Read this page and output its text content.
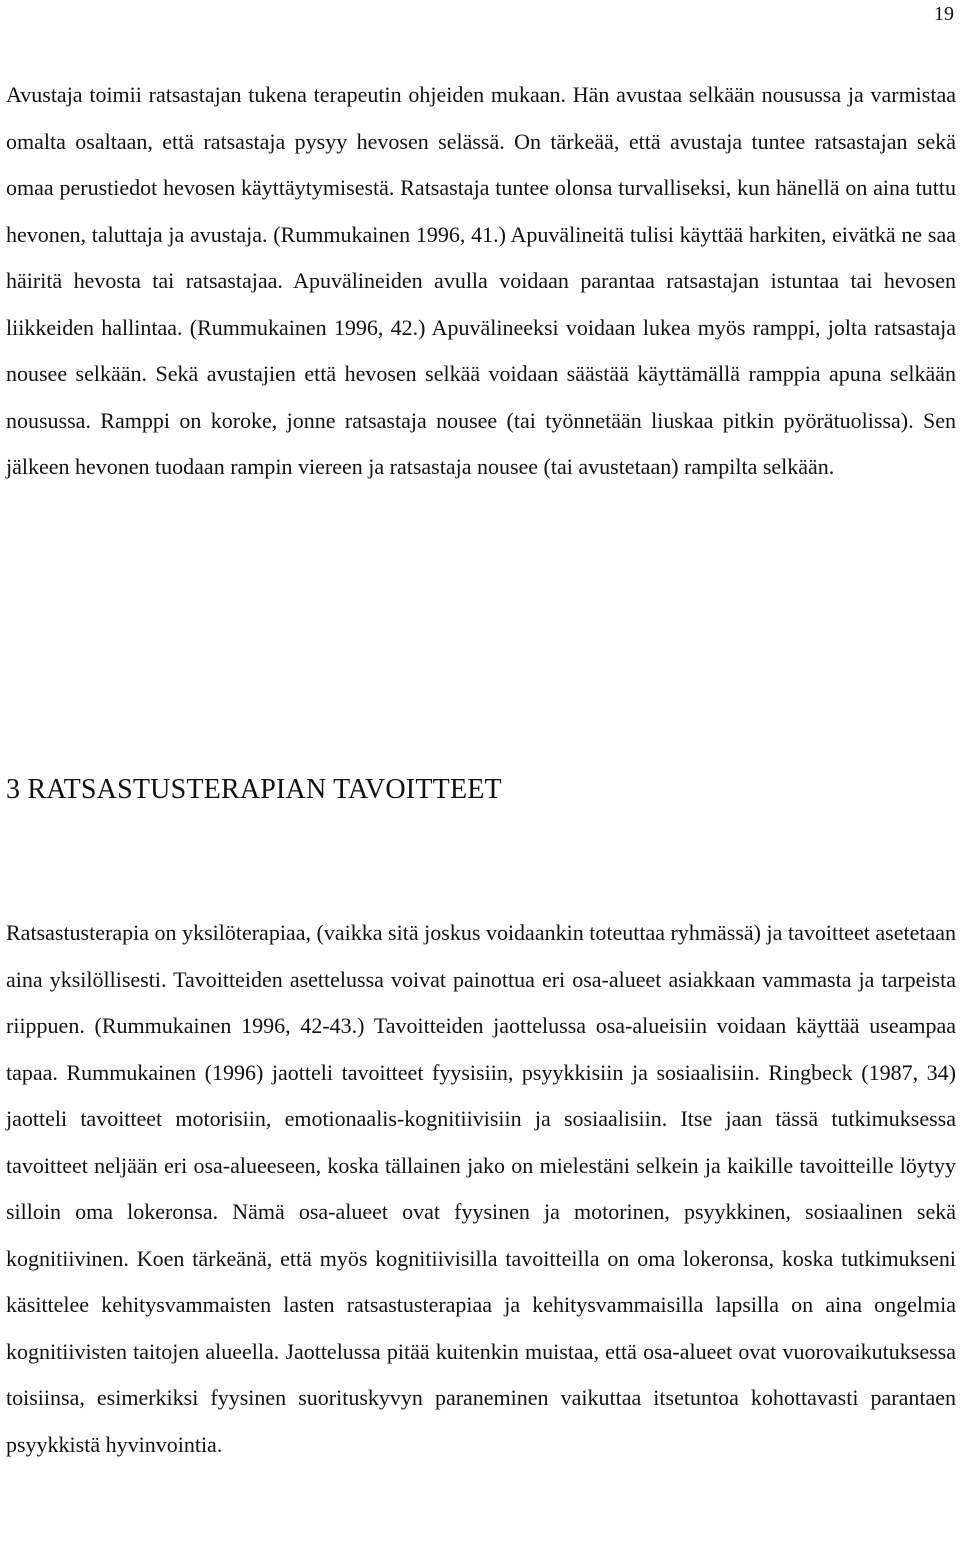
19

Avustaja toimii ratsastajan tukena terapeutin ohjeiden mukaan. Hän avustaa selkään nousussa ja varmistaa omalta osaltaan, että ratsastaja pysyy hevosen selässä. On tärkeää, että avustaja tuntee ratsastajan sekä omaa perustiedot hevosen käyttäytymisestä. Ratsastaja tuntee olonsa turvalliseksi, kun hänellä on aina tuttu hevonen, taluttaja ja avustaja. (Rummukainen 1996, 41.) Apuvälineitä tulisi käyttää harkiten, eivätkä ne saa häiritä hevosta tai ratsastajaa. Apuvälineiden avulla voidaan parantaa ratsastajan istuntaa tai hevosen liikkeiden hallintaa. (Rummukainen 1996, 42.) Apuvälineeksi voidaan lukea myös ramppi, jolta ratsastaja nousee selkään. Sekä avustajien että hevosen selkää voidaan säästää käyttämällä ramppia apuna selkään nousussa. Ramppi on koroke, jonne ratsastaja nousee (tai työnnetään liuskaa pitkin pyörätuolissa). Sen jälkeen hevonen tuodaan rampin viereen ja ratsastaja nousee (tai avustetaan) rampilta selkään.

3 RATSASTUSTERAPIAN TAVOITTEET

Ratsastusterapia on yksilöterapiaa, (vaikka sitä joskus voidaankin toteuttaa ryhmässä) ja tavoitteet asetetaan aina yksilöllisesti. Tavoitteiden asettelussa voivat painottua eri osa-alueet asiakkaan vammasta ja tarpeista riippuen. (Rummukainen 1996, 42-43.) Tavoitteiden jaottelussa osa-alueisiin voidaan käyttää useampaa tapaa. Rummukainen (1996) jaotteli tavoitteet fyysisiin, psyykkisiin ja sosiaalisiin. Ringbeck (1987, 34) jaotteli tavoitteet motorisiin, emotionaalis-kognitiivisiin ja sosiaalisiin. Itse jaan tässä tutkimuksessa tavoitteet neljään eri osa-alueeseen, koska tällainen jako on mielestäni selkein ja kaikille tavoitteille löytyy silloin oma lokeronsa. Nämä osa-alueet ovat fyysinen ja motorinen, psyykkinen, sosiaalinen sekä kognitiivinen. Koen tärkeänä, että myös kognitiivisilla tavoitteilla on oma lokeronsa, koska tutkimukseni käsittelee kehitysvammaisten lasten ratsastusterapiaa ja kehitysvammaisilla lapsilla on aina ongelmia kognitiivisten taitojen alueella. Jaottelussa pitää kuitenkin muistaa, että osa-alueet ovat vuorovaikutuksessa toisiinsa, esimerkiksi fyysinen suorituskyvyn paraneminen vaikuttaa itsetuntoa kohottavasti parantaen psyykkistä hyvinvointia.
